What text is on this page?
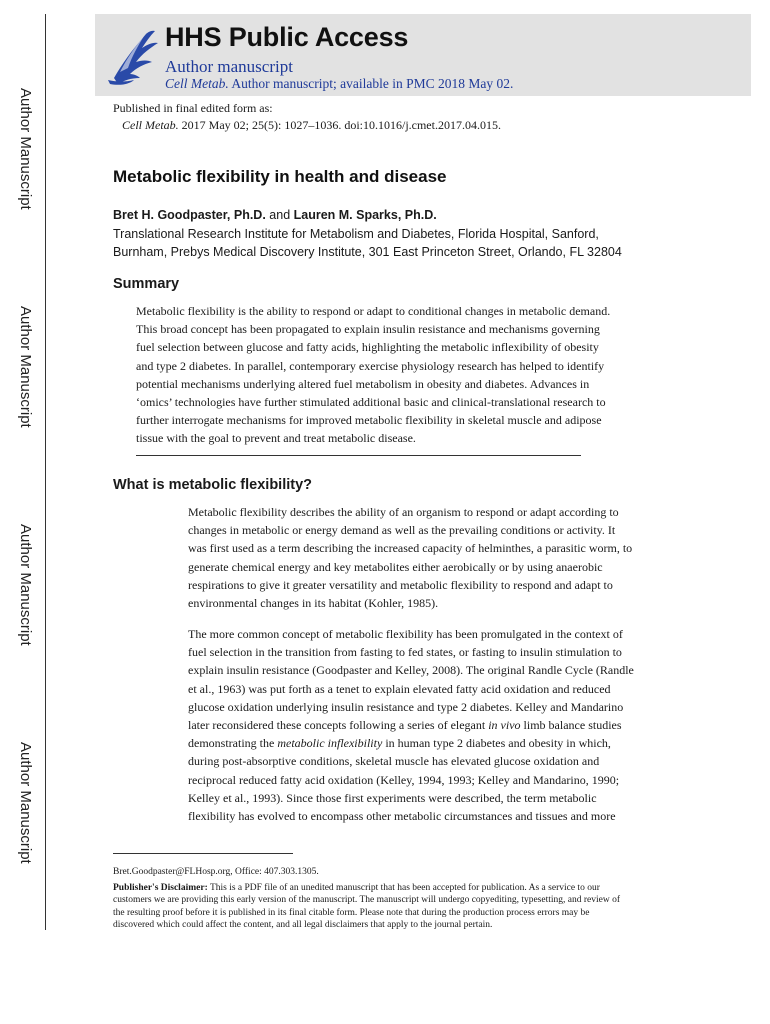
Author Manuscript
Author Manuscript
Author Manuscript
Author Manuscript
HHS Public Access
Author manuscript
Cell Metab. Author manuscript; available in PMC 2018 May 02.
Published in final edited form as:
Cell Metab. 2017 May 02; 25(5): 1027–1036. doi:10.1016/j.cmet.2017.04.015.
Metabolic flexibility in health and disease
Bret H. Goodpaster, Ph.D. and Lauren M. Sparks, Ph.D.
Translational Research Institute for Metabolism and Diabetes, Florida Hospital, Sanford,
Burnham, Prebys Medical Discovery Institute, 301 East Princeton Street, Orlando, FL 32804
Summary
Metabolic flexibility is the ability to respond or adapt to conditional changes in metabolic demand.
This broad concept has been propagated to explain insulin resistance and mechanisms governing
fuel selection between glucose and fatty acids, highlighting the metabolic inflexibility of obesity
and type 2 diabetes. In parallel, contemporary exercise physiology research has helped to identify
potential mechanisms underlying altered fuel metabolism in obesity and diabetes. Advances in
‘omics’ technologies have further stimulated additional basic and clinical-translational research to
further interrogate mechanisms for improved metabolic flexibility in skeletal muscle and adipose
tissue with the goal to prevent and treat metabolic disease.
What is metabolic flexibility?
Metabolic flexibility describes the ability of an organism to respond or adapt according to
changes in metabolic or energy demand as well as the prevailing conditions or activity. It
was first used as a term describing the increased capacity of helminthes, a parasitic worm, to
generate chemical energy and key metabolites either aerobically or by using anaerobic
respirations to give it greater versatility and metabolic flexibility to respond and adapt to
environmental changes in its habitat (Kohler, 1985).
The more common concept of metabolic flexibility has been promulgated in the context of
fuel selection in the transition from fasting to fed states, or fasting to insulin stimulation to
explain insulin resistance (Goodpaster and Kelley, 2008). The original Randle Cycle (Randle
et al., 1963) was put forth as a tenet to explain elevated fatty acid oxidation and reduced
glucose oxidation underlying insulin resistance and type 2 diabetes. Kelley and Mandarino
later reconsidered these concepts following a series of elegant in vivo limb balance studies
demonstrating the metabolic inflexibility in human type 2 diabetes and obesity in which,
during post-absorptive conditions, skeletal muscle has elevated glucose oxidation and
reciprocal reduced fatty acid oxidation (Kelley, 1994, 1993; Kelley and Mandarino, 1990;
Kelley et al., 1993). Since those first experiments were described, the term metabolic
flexibility has evolved to encompass other metabolic circumstances and tissues and more
Bret.Goodpaster@FLHosp.org, Office: 407.303.1305.
Publisher's Disclaimer: This is a PDF file of an unedited manuscript that has been accepted for publication. As a service to our
customers we are providing this early version of the manuscript. The manuscript will undergo copyediting, typesetting, and review of
the resulting proof before it is published in its final citable form. Please note that during the production process errors may be
discovered which could affect the content, and all legal disclaimers that apply to the journal pertain.
